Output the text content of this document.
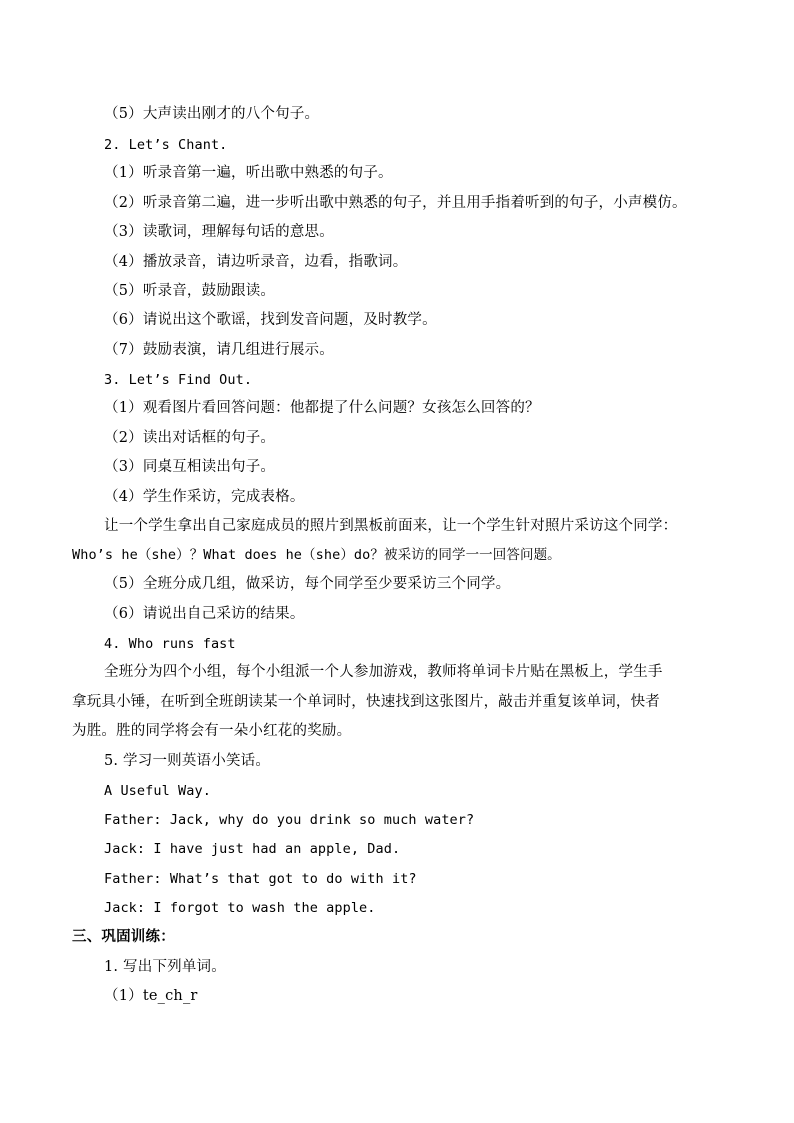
（5）大声读出刚才的八个句子。
2. Let’s Chant.
（1）听录音第一遍，听出歌中熟悉的句子。
（2）听录音第二遍，进一步听出歌中熟悉的句子，并且用手指着听到的句子，小声模仿。
（3）读歌词，理解每句话的意思。
（4）播放录音，请边听录音，边看，指歌词。
（5）听录音，鼓励跟读。
（6）请说出这个歌谣，找到发音问题，及时教学。
（7）鼓励表演，请几组进行展示。
3. Let’s Find Out.
（1）观看图片看回答问题：他都提了什么问题？女孩怎么回答的？
（2）读出对话框的句子。
（3）同桌互相读出句子。
（4）学生作采访，完成表格。
让一个学生拿出自己家庭成员的照片到黑板前面来，让一个学生针对照片采访这个同学：
Who’s he（she）？What does he（she）do？被采访的同学一一回答问题。
（5）全班分成几组，做采访，每个同学至少要采访三个同学。
（6）请说出自己采访的结果。
4. Who runs fast
全班分为四个小组，每个小组派一个人参加游戏，教师将单词卡片贴在黑板上，学生手
拿玩具小锤，在听到全班朗读某一个单词时，快速找到这张图片，敲击并重复该单词，快者
为胜。胜的同学将会有一朵小红花的奖励。
5. 学习一则英语小笑话。
A Useful Way.
Father: Jack, why do you drink so much water?
Jack: I have just had an apple, Dad.
Father: What’s that got to do with it?
Jack: I forgot to wash the apple.
三、巩固训练：
1. 写出下列单词。
（1）te_ch_r
